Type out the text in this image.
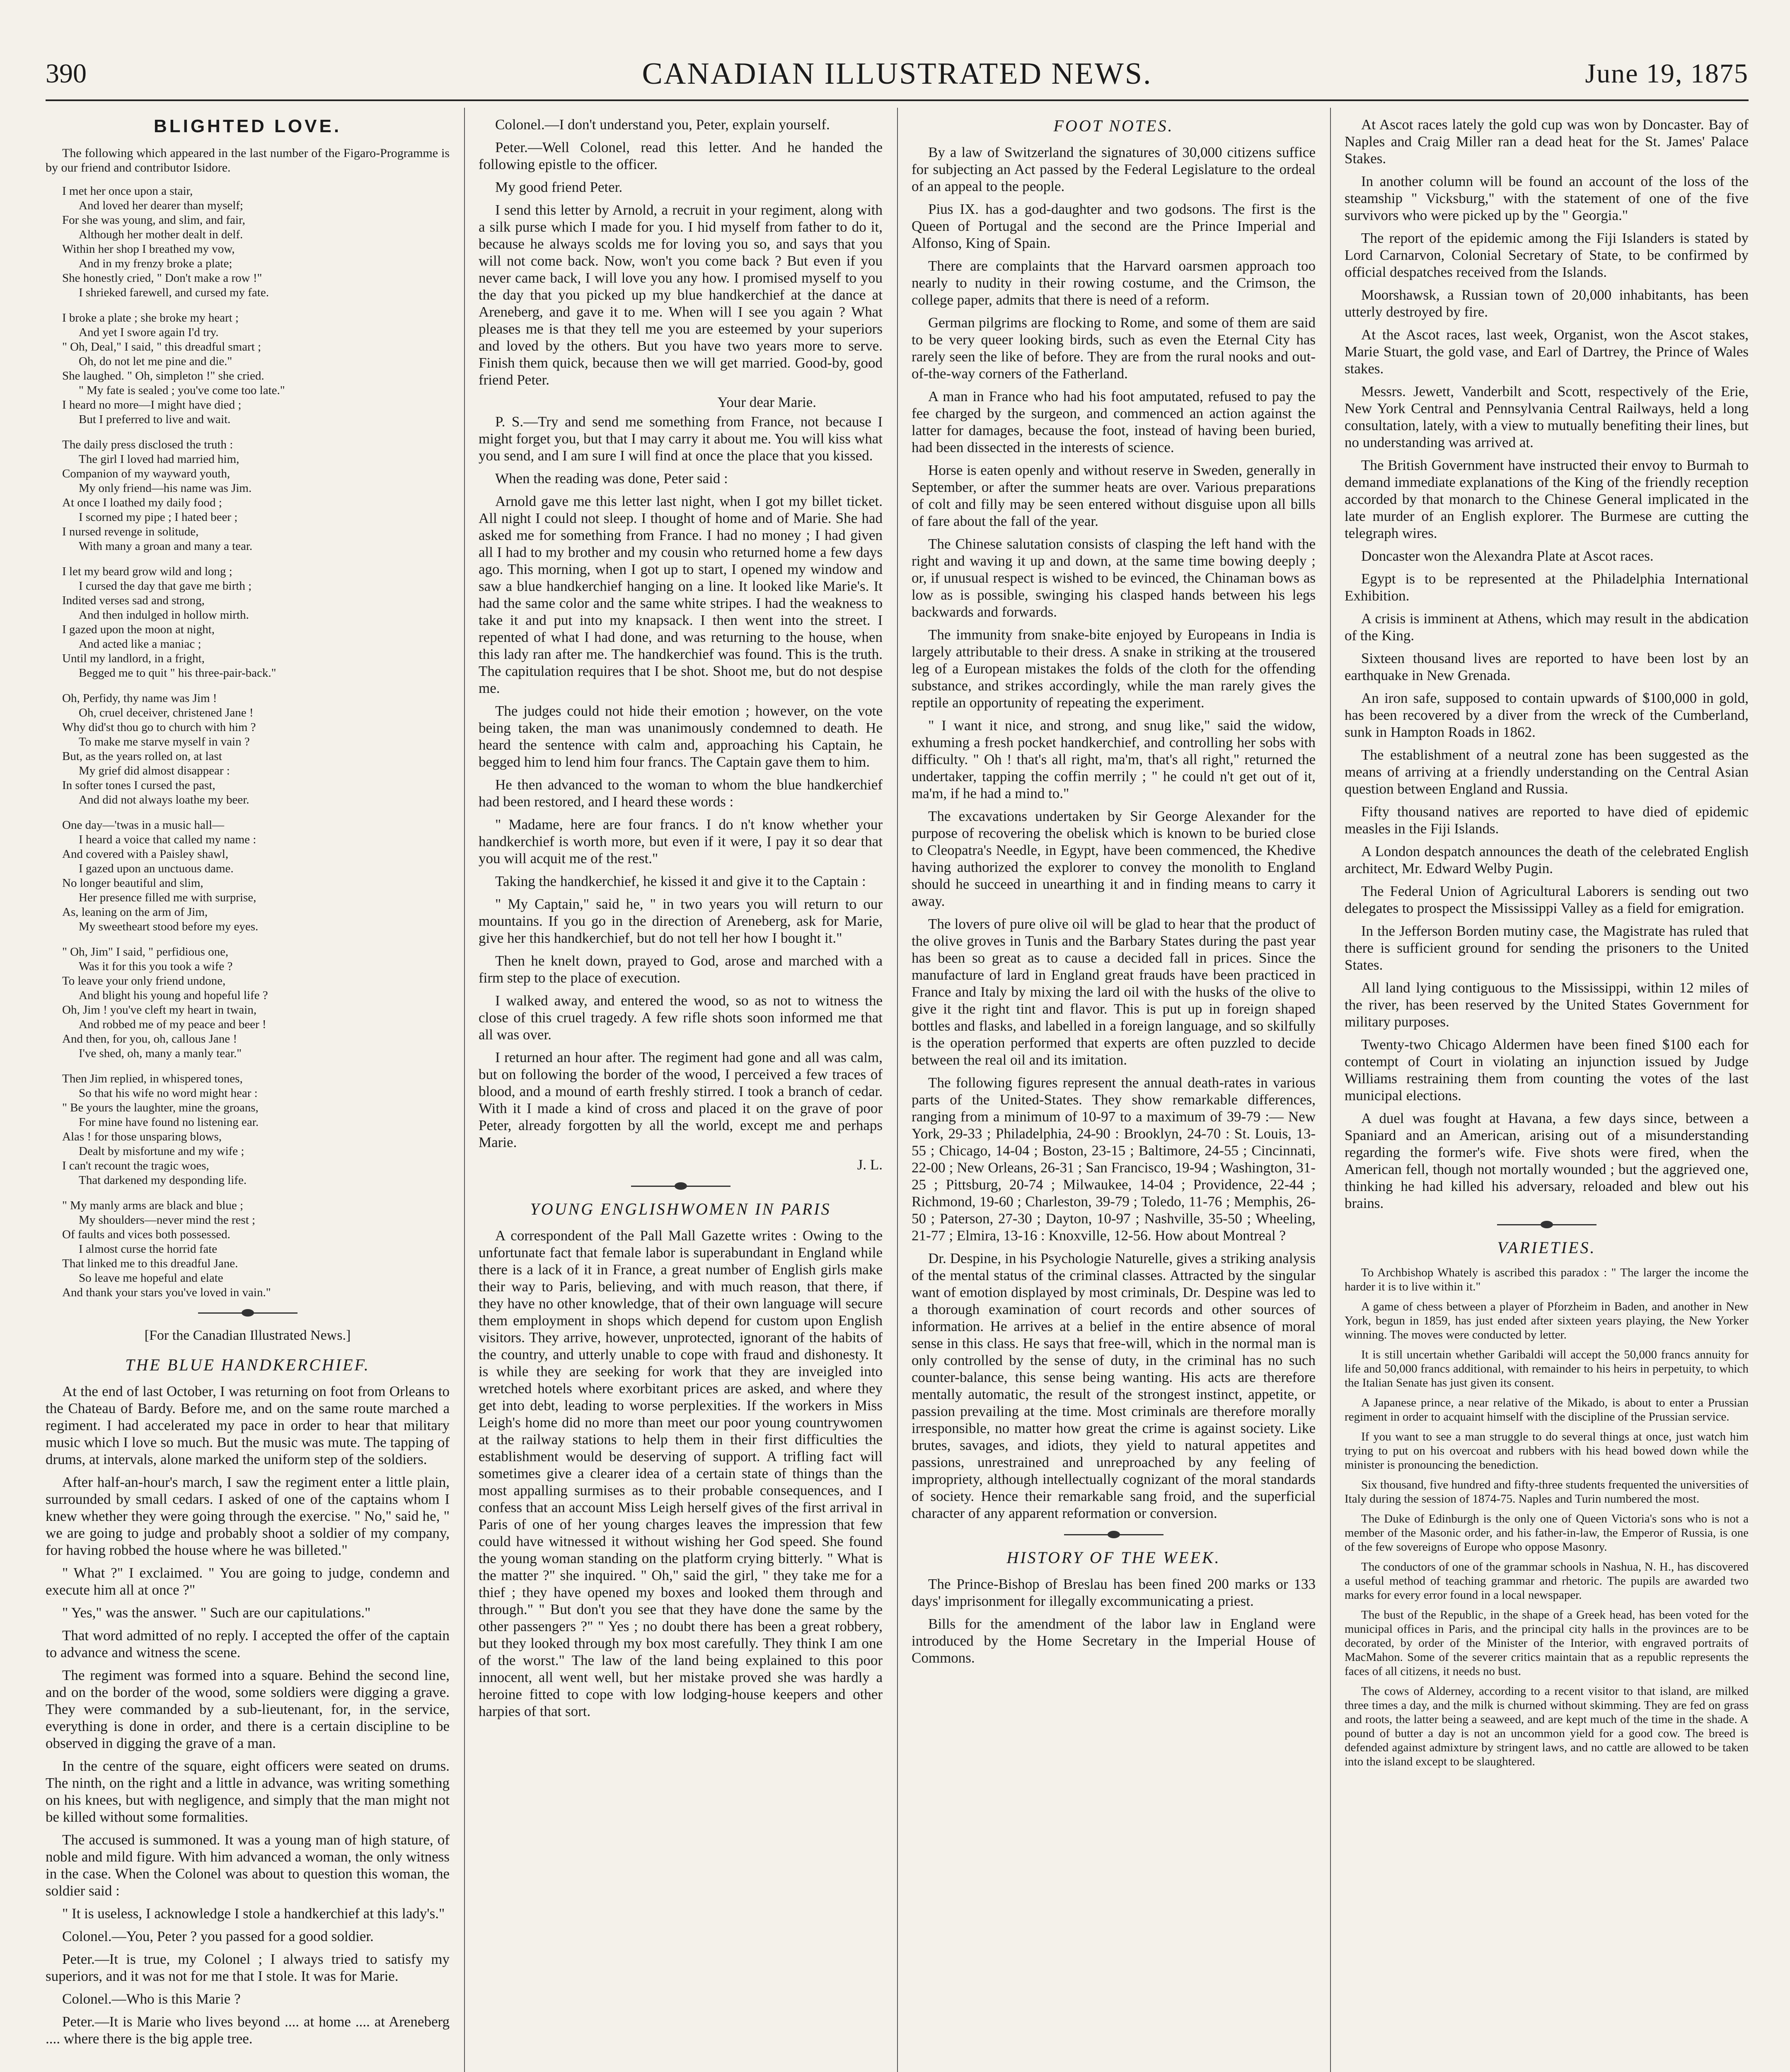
390	CANADIAN ILLUSTRATED NEWS.	June 19, 1875
BLIGHTED LOVE.
The following which appeared in the last number of the Figaro-Programme is by our friend and contributor Isidore.
I met her once upon a stair,
And loved her dearer than myself;
For she was young, and slim, and fair,
Although her mother dealt in delf.
Within her shop I breathed my vow,
And in my frenzy broke a plate;
She honestly cried, " Don't make a row !"
I shrieked farewell, and cursed my fate.
I broke a plate ; she broke my heart ;
And yet I swore again I'd try.
" Oh, Deal," I said, " this dreadful smart ;
Oh, do not let me pine and die."
She laughed. " Oh, simpleton !" she cried.
" My fate is sealed ; you've come too late."
I heard no more—I might have died ;
But I preferred to live and wait.
The daily press disclosed the truth :
The girl I loved had married him,
Companion of my wayward youth,
My only friend—his name was Jim.
At once I loathed my daily food ;
I scorned my pipe ; I hated beer ;
I nursed revenge in solitude,
With many a groan and many a tear.
I let my beard grow wild and long ;
I cursed the day that gave me birth ;
Indited verses sad and strong,
And then indulged in hollow mirth.
I gazed upon the moon at night,
And acted like a maniac ;
Until my landlord, in a fright,
Begged me to quit " his three-pair-back."
Oh, Perfidy, thy name was Jim !
Oh, cruel deceiver, christened Jane !
Why did'st thou go to church with him ?
To make me starve myself in vain ?
But, as the years rolled on, at last
My grief did almost disappear :
In softer tones I cursed the past,
And did not always loathe my beer.
One day—'twas in a music hall—
I heard a voice that called my name :
And covered with a Paisley shawl,
I gazed upon an unctuous dame.
No longer beautiful and slim,
Her presence filled me with surprise,
As, leaning on the arm of Jim,
My sweetheart stood before my eyes.
" Oh, Jim" I said, " perfidious one,
Was it for this you took a wife ?
To leave your only friend undone,
And blight his young and hopeful life ?
Oh, Jim ! you've cleft my heart in twain,
And robbed me of my peace and beer !
And then, for you, oh, callous Jane !
I've shed, oh, many a manly tear."
Then Jim replied, in whispered tones,
So that his wife no word might hear :
" Be yours the laughter, mine the groans,
For mine have found no listening ear.
Alas ! for those unsparing blows,
Dealt by misfortune and my wife ;
I can't recount the tragic woes,
That darkened my desponding life.
" My manly arms are black and blue ;
My shoulders—never mind the rest ;
Of faults and vices both possessed.
I almost curse the horrid fate
That linked me to this dreadful Jane.
So leave me hopeful and elate
And thank your stars you've loved in vain."
[For the Canadian Illustrated News.]
THE BLUE HANDKERCHIEF.

At the end of last October, I was returning on foot from Orleans to the Chateau of Bardy. Before me, and on the same route marched a regiment. I had accelerated my pace in order to hear that military music which I love so much. But the music was mute. The tapping of drums, at intervals, alone marked the uniform step of the soldiers.

After half-an-hour's march, I saw the regiment enter a little plain, surrounded by small cedars. I asked of one of the captains whom I knew whether they were going through the exercise. " No," said he, " we are going to judge and probably shoot a soldier of my company, for having robbed the house where he was billeted."

" What ?" I exclaimed. " You are going to judge, condemn and execute him all at once ?"

" Yes," was the answer. " Such are our capitulations."

That word admitted of no reply. I accepted the offer of the captain to advance and witness the scene.

The regiment was formed into a square. Behind the second line, and on the border of the wood, some soldiers were digging a grave. They were commanded by a sub-lieutenant, for, in the service, everything is done in order, and there is a certain discipline to be observed in digging the grave of a man.

In the centre of the square, eight officers were seated on drums. The ninth, on the right and a little in advance, was writing something on his knees, but with negligence, and simply that the man might not be killed without some formalities.

The accused is summoned. It was a young man of high stature, of noble and mild figure. With him advanced a woman, the only witness in the case. When the Colonel was about to question this woman, the soldier said :

" It is useless, I acknowledge I stole a handkerchief at this lady's."

Colonel.—You, Peter ? you passed for a good soldier.

Peter.—It is true, my Colonel ; I always tried to satisfy my superiors, and it was not for me that I stole. It was for Marie.

Colonel.—Who is this Marie ?

Peter.—It is Marie who lives beyond .... at home .... at Areneberg .... where there is the big apple tree.

Colonel.—I don't understand you, Peter, explain yourself.

Peter.—Well Colonel, read this letter. And he handed the following epistle to the officer.

My good friend Peter.

I send this letter by Arnold, a recruit in your regiment, along with a silk purse which I made for you. I hid myself from father to do it, because he always scolds me for loving you so, and says that you will not come back. Now, won't you come back ? But even if you never came back, I will love you any how. I promised myself to you the day that you picked up my blue handkerchief at the dance at Areneberg, and gave it to me. When will I see you again ? What pleases me is that they tell me you are esteemed by your superiors and loved by the others. But you have two years more to serve. Finish them quick, because then we will get married. Good-by, good friend Peter.

Your dear Marie.

P. S.—Try and send me something from France, not because I might forget you, but that I may carry it about me. You will kiss what you send, and I am sure I will find at once the place that you kissed.

When the reading was done, Peter said :

Arnold gave me this letter last night, when I got my billet ticket. All night I could not sleep. I thought of home and of Marie. She had asked me for something from France. I had no money ; I had given all I had to my brother and my cousin who returned home a few days ago. This morning, when I got up to start, I opened my window and saw a blue handkerchief hanging on a line. It looked like Marie's. It had the same color and the same white stripes. I had the weakness to take it and put into my knapsack. I then went into the street. I repented of what I had done, and was returning to the house, when this lady ran after me. The handkerchief was found. This is the truth. The capitulation requires that I be shot. Shoot me, but do not despise me.

The judges could not hide their emotion ; however, on the vote being taken, the man was unanimously condemned to death. He heard the sentence with calm and, approaching his Captain, he begged him to lend him four francs. The Captain gave them to him.

He then advanced to the woman to whom the blue handkerchief had been restored, and I heard these words :

" Madame, here are four francs. I do n't know whether your handkerchief is worth more, but even if it were, I pay it so dear that you will acquit me of the rest."

Taking the handkerchief, he kissed it and give it to the Captain :

" My Captain," said he, " in two years you will return to our mountains. If you go in the direction of Areneberg, ask for Marie, give her this handkerchief, but do not tell her how I bought it."

Then he knelt down, prayed to God, arose and marched with a firm step to the place of execution.

I walked away, and entered the wood, so as not to witness the close of this cruel tragedy. A few rifle shots soon informed me that all was over.

I returned an hour after. The regiment had gone and all was calm, but on following the border of the wood, I perceived a few traces of blood, and a mound of earth freshly stirred. I took a branch of cedar. With it I made a kind of cross and placed it on the grave of poor Peter, already forgotten by all the world, except me and perhaps Marie.

J. L.
YOUNG ENGLISHWOMEN IN PARIS

A correspondent of the Pall Mall Gazette writes : Owing to the unfortunate fact that female labor is superabundant in England while there is a lack of it in France, a great number of English girls make their way to Paris, believing, and with much reason, that there, if they have no other knowledge, that of their own language will secure them employment in shops which depend for custom upon English visitors. They arrive, however, unprotected, ignorant of the habits of the country, and utterly unable to cope with fraud and dishonesty. It is while they are seeking for work that they are inveigled into wretched hotels where exorbitant prices are asked, and where they get into debt, leading to worse perplexities. If the workers in Miss Leigh's home did no more than meet our poor young countrywomen at the railway stations to help them in their first difficulties the establishment would be deserving of support. A trifling fact will sometimes give a clearer idea of a certain state of things than the most appalling surmises as to their probable consequences, and I confess that an account Miss Leigh herself gives of the first arrival in Paris of one of her young charges leaves the impression that few could have witnessed it without wishing her God speed. She found the young woman standing on the platform crying bitterly. " What is the matter ?" she inquired. " Oh," said the girl, " they take me for a thief ; they have opened my boxes and looked them through and through." " But don't you see that they have done the same by the other passengers ?" " Yes ; no doubt there has been a great robbery, but they looked through my box most carefully. They think I am one of the worst." The law of the land being explained to this poor innocent, all went well, but her mistake proved she was hardly a heroine fitted to cope with low lodging-house keepers and other harpies of that sort.

FOOT NOTES.

By a law of Switzerland the signatures of 30,000 citizens suffice for subjecting an Act passed by the Federal Legislature to the ordeal of an appeal to the people.

Pius IX. has a god-daughter and two godsons. The first is the Queen of Portugal and the second are the Prince Imperial and Alfonso, King of Spain.

There are complaints that the Harvard oarsmen approach too nearly to nudity in their rowing costume, and the Crimson, the college paper, admits that there is need of a reform.

German pilgrims are flocking to Rome, and some of them are said to be very queer looking birds, such as even the Eternal City has rarely seen the like of before. They are from the rural nooks and out-of-the-way corners of the Fatherland.

A man in France who had his foot amputated, refused to pay the fee charged by the surgeon, and commenced an action against the latter for damages, because the foot, instead of having been buried, had been dissected in the interests of science.

Horse is eaten openly and without reserve in Sweden, generally in September, or after the summer heats are over. Various preparations of colt and filly may be seen entered without disguise upon all bills of fare about the fall of the year.

The Chinese salutation consists of clasping the left hand with the right and waving it up and down, at the same time bowing deeply ; or, if unusual respect is wished to be evinced, the Chinaman bows as low as is possible, swinging his clasped hands between his legs backwards and forwards.

The immunity from snake-bite enjoyed by Europeans in India is largely attributable to their dress. A snake in striking at the trousered leg of a European mistakes the folds of the cloth for the offending substance, and strikes accordingly, while the man rarely gives the reptile an opportunity of repeating the experiment.

" I want it nice, and strong, and snug like," said the widow, exhuming a fresh pocket handkerchief, and controlling her sobs with difficulty. " Oh ! that's all right, ma'm, that's all right," returned the undertaker, tapping the coffin merrily ; " he could n't get out of it, ma'm, if he had a mind to."

The excavations undertaken by Sir George Alexander for the purpose of recovering the obelisk which is known to be buried close to Cleopatra's Needle, in Egypt, have been commenced, the Khedive having authorized the explorer to convey the monolith to England should he succeed in unearthing it and in finding means to carry it away.

The lovers of pure olive oil will be glad to hear that the product of the olive groves in Tunis and the Barbary States during the past year has been so great as to cause a decided fall in prices. Since the manufacture of lard in England great frauds have been practiced in France and Italy by mixing the lard oil with the husks of the olive to give it the right tint and flavor. This is put up in foreign shaped bottles and flasks, and labelled in a foreign language, and so skilfully is the operation performed that experts are often puzzled to decide between the real oil and its imitation.

The following figures represent the annual death-rates in various parts of the United-States. They show remarkable differences, ranging from a minimum of 10-97 to a maximum of 39-79 :— New York, 29-33 ; Philadelphia, 24-90 : Brooklyn, 24-70 : St. Louis, 13-55 ; Chicago, 14-04 ; Boston, 23-15 ; Baltimore, 24-55 ; Cincinnati, 22-00 ; New Orleans, 26-31 ; San Francisco, 19-94 ; Washington, 31-25 ; Pittsburg, 20-74 ; Milwaukee, 14-04 ; Providence, 22-44 ; Richmond, 19-60 ; Charleston, 39-79 ; Toledo, 11-76 ; Memphis, 26-50 ; Paterson, 27-30 ; Dayton, 10-97 ; Nashville, 35-50 ; Wheeling, 21-77 ; Elmira, 13-16 : Knoxville, 12-56. How about Montreal ?

Dr. Despine, in his Psychologie Naturelle, gives a striking analysis of the mental status of the criminal classes. Attracted by the singular want of emotion displayed by most criminals, Dr. Despine was led to a thorough examination of court records and other sources of information. He arrives at a belief in the entire absence of moral sense in this class. He says that free-will, which in the normal man is only controlled by the sense of duty, in the criminal has no such counter-balance, this sense being wanting. His acts are therefore mentally automatic, the result of the strongest instinct, appetite, or passion prevailing at the time. Most criminals are therefore morally irresponsible, no matter how great the crime is against society. Like brutes, savages, and idiots, they yield to natural appetites and passions, unrestrained and unreproached by any feeling of impropriety, although intellectually cognizant of the moral standards of society. Hence their remarkable sang froid, and the superficial character of any apparent reformation or conversion.

HISTORY OF THE WEEK.

The Prince-Bishop of Breslau has been fined 200 marks or 133 days' imprisonment for illegally excommunicating a priest.

Bills for the amendment of the labor law in England were introduced by the Home Secretary in the Imperial House of Commons.

At Ascot races lately the gold cup was won by Doncaster. Bay of Naples and Craig Miller ran a dead heat for the St. James' Palace Stakes.

In another column will be found an account of the loss of the steamship " Vicksburg," with the statement of one of the five survivors who were picked up by the " Georgia."

The report of the epidemic among the Fiji Islanders is stated by Lord Carnarvon, Colonial Secretary of State, to be confirmed by official despatches received from the Islands.

Moorshawsk, a Russian town of 20,000 inhabitants, has been utterly destroyed by fire.

At the Ascot races, last week, Organist, won the Ascot stakes, Marie Stuart, the gold vase, and Earl of Dartrey, the Prince of Wales stakes.

Messrs. Jewett, Vanderbilt and Scott, respectively of the Erie, New York Central and Pennsylvania Central Railways, held a long consultation, lately, with a view to mutually benefiting their lines, but no understanding was arrived at.

The British Government have instructed their envoy to Burmah to demand immediate explanations of the King of the friendly reception accorded by that monarch to the Chinese General implicated in the late murder of an English explorer. The Burmese are cutting the telegraph wires.

Doncaster won the Alexandra Plate at Ascot races.

Egypt is to be represented at the Philadelphia International Exhibition.

A crisis is imminent at Athens, which may result in the abdication of the King.

Sixteen thousand lives are reported to have been lost by an earthquake in New Grenada.

An iron safe, supposed to contain upwards of $100,000 in gold, has been recovered by a diver from the wreck of the Cumberland, sunk in Hampton Roads in 1862.

The establishment of a neutral zone has been suggested as the means of arriving at a friendly understanding on the Central Asian question between England and Russia.

Fifty thousand natives are reported to have died of epidemic measles in the Fiji Islands.

A London despatch announces the death of the celebrated English architect, Mr. Edward Welby Pugin.

The Federal Union of Agricultural Laborers is sending out two delegates to prospect the Mississippi Valley as a field for emigration.

In the Jefferson Borden mutiny case, the Magistrate has ruled that there is sufficient ground for sending the prisoners to the United States.

All land lying contiguous to the Mississippi, within 12 miles of the river, has been reserved by the United States Government for military purposes.

Twenty-two Chicago Aldermen have been fined $100 each for contempt of Court in violating an injunction issued by Judge Williams restraining them from counting the votes of the last municipal elections.

A duel was fought at Havana, a few days since, between a Spaniard and an American, arising out of a misunderstanding regarding the former's wife. Five shots were fired, when the American fell, though not mortally wounded ; but the aggrieved one, thinking he had killed his adversary, reloaded and blew out his brains.

VARIETIES.

To Archbishop Whately is ascribed this paradox : " The larger the income the harder it is to live within it."

A game of chess between a player of Pforzheim in Baden, and another in New York, begun in 1859, has just ended after sixteen years playing, the New Yorker winning. The moves were conducted by letter.

It is still uncertain whether Garibaldi will accept the 50,000 francs annuity for life and 50,000 francs additional, with remainder to his heirs in perpetuity, to which the Italian Senate has just given its consent.

A Japanese prince, a near relative of the Mikado, is about to enter a Prussian regiment in order to acquaint himself with the discipline of the Prussian service.

If you want to see a man struggle to do several things at once, just watch him trying to put on his overcoat and rubbers with his head bowed down while the minister is pronouncing the benediction.

Six thousand, five hundred and fifty-three students frequented the universities of Italy during the session of 1874-75. Naples and Turin numbered the most.

The Duke of Edinburgh is the only one of Queen Victoria's sons who is not a member of the Masonic order, and his father-in-law, the Emperor of Russia, is one of the few sovereigns of Europe who oppose Masonry.

The conductors of one of the grammar schools in Nashua, N. H., has discovered a useful method of teaching grammar and rhetoric. The pupils are awarded two marks for every error found in a local newspaper.

The bust of the Republic, in the shape of a Greek head, has been voted for the municipal offices in Paris, and the principal city halls in the provinces are to be decorated, by order of the Minister of the Interior, with engraved portraits of MacMahon. Some of the severer critics maintain that as a republic represents the faces of all citizens, it needs no bust.

The cows of Alderney, according to a recent visitor to that island, are milked three times a day, and the milk is churned without skimming. They are fed on grass and roots, the latter being a seaweed, and are kept much of the time in the shade. A pound of butter a day is not an uncommon yield for a good cow. The breed is defended against admixture by stringent laws, and no cattle are allowed to be taken into the island except to be slaughtered.
